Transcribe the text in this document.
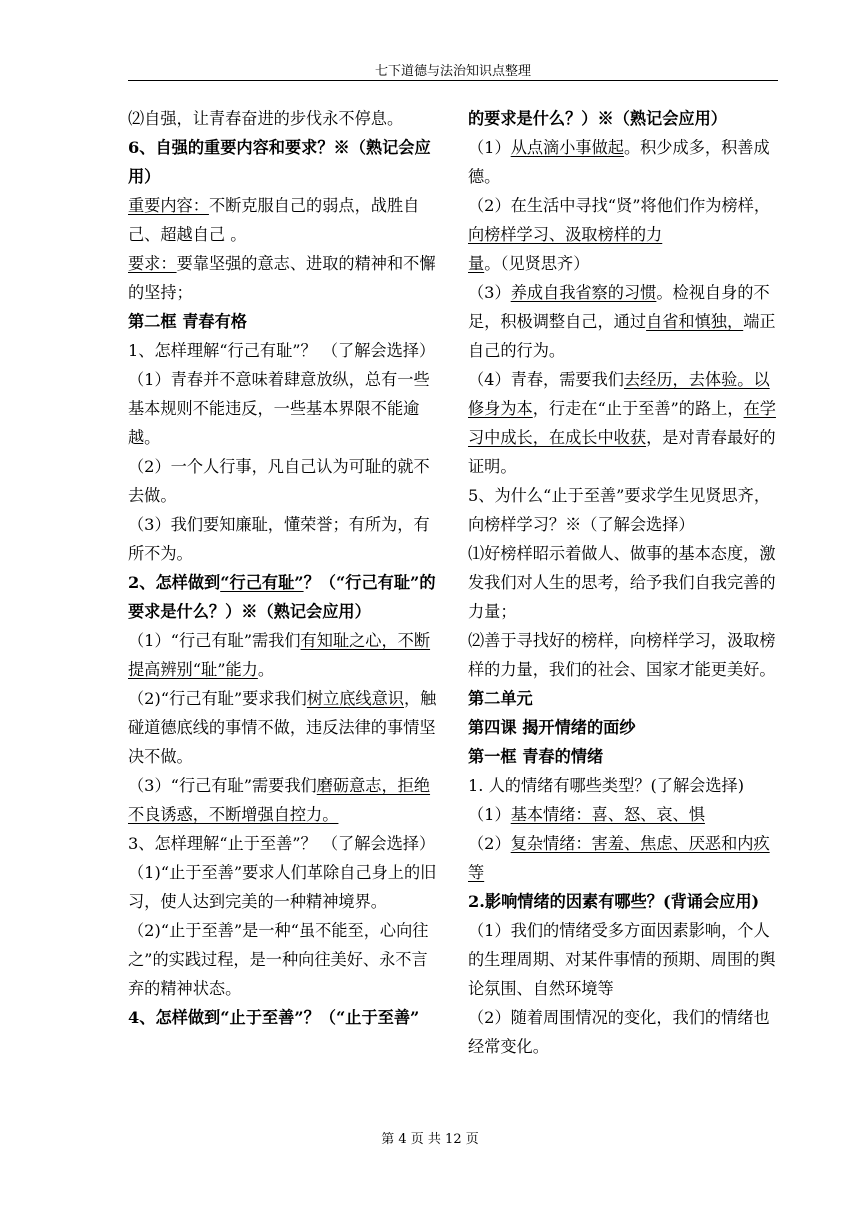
七下道德与法治知识点整理

⑵自强，让青春奋进的步伐永不停息。

6、自强的重要内容和要求？※（熟记会应用）

重要内容：不断克服自己的弱点，战胜自己、超越自己 。

要求：要靠坚强的意志、进取的精神和不懈的坚持；

第二框 青春有格

1、怎样理解“行己有耻”？ （了解会选择）

（1）青春并不意味着肆意放纵，总有一些基本规则不能违反，一些基本界限不能逾越。

（2）一个人行事，凡自己认为可耻的就不去做。

（3）我们要知廉耻，懂荣誉；有所为，有所不为。

2、怎样做到“行己有耻”？（“行己有耻”的要求是什么？）※（熟记会应用）

（1）“行己有耻”需我们有知耻之心，不断提高辨别“耻”能力。

（2)“行己有耻”要求我们树立底线意识，触碰道德底线的事情不做，违反法律的事情坚决不做。

（3）“行己有耻”需要我们磨砺意志，拒绝不良诱惑，不断增强自控力。

3、怎样理解“止于至善”？ （了解会选择）

（1)“止于至善”要求人们革除自己身上的旧习，使人达到完美的一种精神境界。

（2)“止于至善”是一种“虽不能至，心向往之”的实践过程，是一种向往美好、永不言弃的精神状态。

4、怎样做到“止于至善”？（“止于至善”

的要求是什么？）※（熟记会应用）

（1）从点滴小事做起。积少成多，积善成德。

（2）在生活中寻找“贤”将他们作为榜样，向榜样学习、汲取榜样的力量。（见贤思齐）

（3）养成自我省察的习惯。检视自身的不足，积极调整自己，通过自省和慎独，端正自己的行为。

（4）青春，需要我们去经历，去体验。以修身为本，行走在“止于至善”的路上，在学习中成长，在成长中收获，是对青春最好的证明。

5、为什么“止于至善”要求学生见贤思齐，向榜样学习？※（了解会选择）

⑴好榜样昭示着做人、做事的基本态度，激发我们对人生的思考，给予我们自我完善的力量；

⑵善于寻找好的榜样，向榜样学习，汲取榜样的力量，我们的社会、国家才能更美好。

第二单元

第四课 揭开情绪的面纱

第一框 青春的情绪

1. 人的情绪有哪些类型？(了解会选择)

（1）基本情绪：喜、怒、哀、惧

（2）复杂情绪：害羞、焦虑、厌恶和内疚等

2.影响情绪的因素有哪些？(背诵会应用)

（1）我们的情绪受多方面因素影响，个人的生理周期、对某件事情的预期、周围的舆论氛围、自然环境等

（2）随着周围情况的变化，我们的情绪也经常变化。

第 4 页 共 12 页
